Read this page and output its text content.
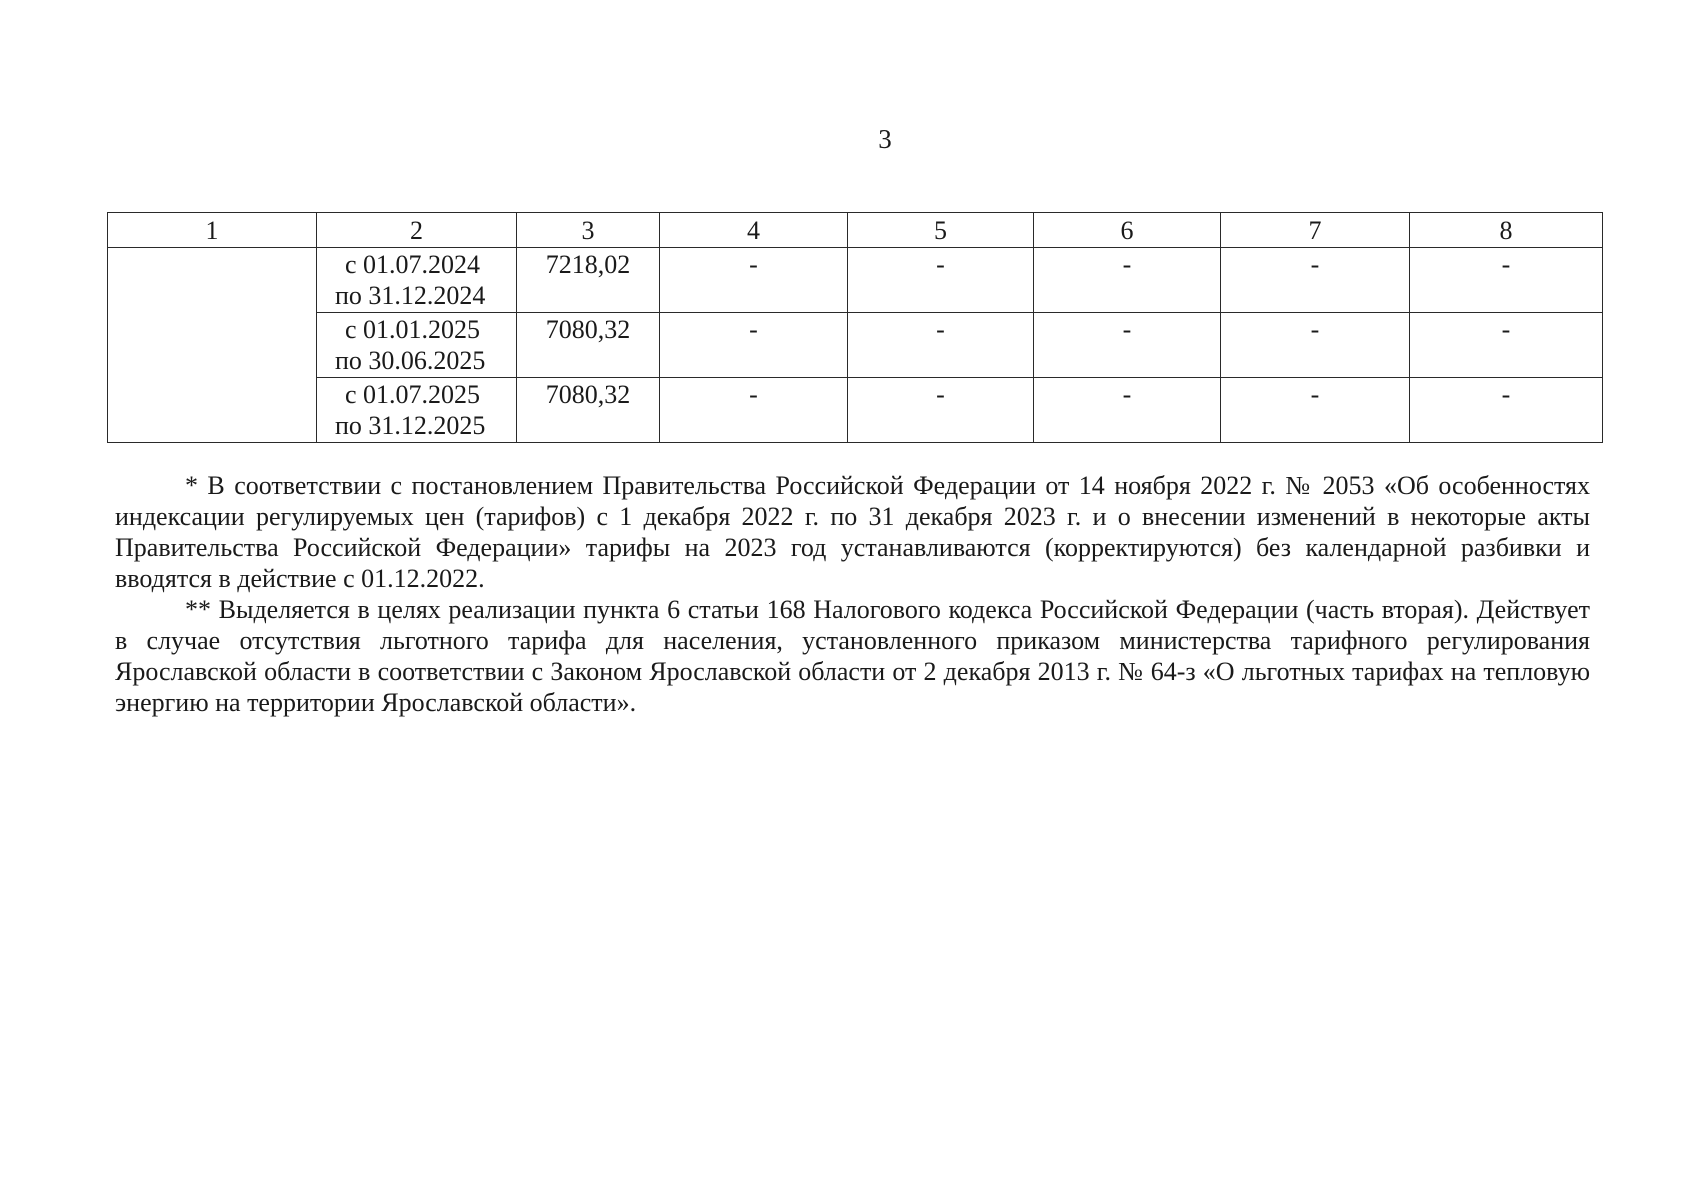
3
1	2	3	4	5	6	7	8

	с 01.07.2024
по 31.12.2024	7218,02	-	-	-	-	-

	с 01.01.2025
по 30.06.2025	7080,32	-	-	-	-	-

	с 01.07.2025
по 31.12.2025	7080,32	-	-	-	-	-

* В соответствии с постановлением Правительства Российской Федерации от 14 ноября 2022 г. № 2053 «Об особенностях индексации регулируемых цен (тарифов) с 1 декабря 2022 г. по 31 декабря 2023 г. и о внесении изменений в некоторые акты Правительства Российской Федерации» тарифы на 2023 год устанавливаются (корректируются) без календарной разбивки и вводятся в действие с 01.12.2022.

** Выделяется в целях реализации пункта 6 статьи 168 Налогового кодекса Российской Федерации (часть вторая). Действует в случае отсутствия льготного тарифа для населения, установленного приказом министерства тарифного регулирования Ярославской области в соответствии с Законом Ярославской области от 2 декабря 2013 г. № 64-з «О льготных тарифах на тепловую энергию на территории Ярославской области».
